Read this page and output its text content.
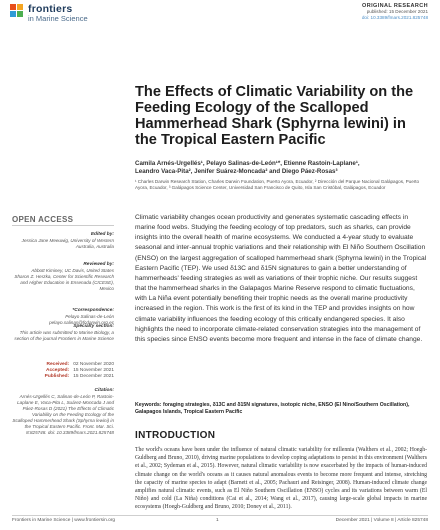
frontiers
in Marine Science
ORIGINAL RESEARCH
published: 15 December 2021
doi: 10.3389/fmars.2021.825748
The Effects of Climatic Variability on the Feeding Ecology of the Scalloped Hammerhead Shark (Sphyrna lewini) in the Tropical Eastern Pacific
Camila Arnés-Urgellés¹, Pelayo Salinas-de-León¹*, Etienne Rastoin-Laplane¹,
Leandro Vaca-Pita², Jenifer Suárez-Moncada² and Diego Páez-Rosas³
¹ Charles Darwin Research Station, Charles Darwin Foundation, Puerto Ayora, Ecuador, ² Dirección del Parque Nacional Galápagos, Puerto Ayora, Ecuador, ³ Galápagos Science Center, Universidad San Francisco de Quito, Isla San Cristóbal, Galápagos, Ecuador
OPEN ACCESS
Edited by:
Jessica Jane Meeuwig, University of Western Australia, Australia
Reviewed by:
Abbott Kiminey, UC Davis, United States
Sharon Z. Herzka, Center for Scientific Research and Higher Education in Ensenada (CICESE), Mexico
*Correspondence:
Pelayo Salinas-de-León pelayo.salinas@fcdarwin.org.ec
Specialty section:
This article was submitted to Marine Biology, a section of the journal Frontiers in Marine Science
Received: 02 November 2020
Accepted: 15 November 2021
Published: 15 December 2021
Citation:
Arnés-Urgellés C, Salinas-de-León P, Rastoin-Laplane E, Vaca-Pita L, Suárez-Moncada J and Páez-Rosas D (2021) The Effects of Climatic Variability on the Feeding Ecology of the Scalloped Hammerhead Shark (Sphyrna lewini) in the Tropical Eastern Pacific. Front. Mar. Sci. 8:825748. doi: 10.3389/fmars.2021.825748
Climatic variability changes ocean productivity and generates systematic cascading effects in marine food webs. Studying the feeding ecology of top predators, such as sharks, can provide insights into the overall health of marine ecosystems. We conducted a 4-year study to evaluate seasonal and inter-annual trophic variations and their relationship with El Niño Southern Oscillation (ENSO) on the largest aggregation of scalloped hammerhead shark (Sphyrna lewini) in the Tropical Eastern Pacific (TEP). We used δ13C and δ15N signatures to gain a better understanding of hammerheads' feeding strategies as well as variations of their trophic niche. Our results suggest that the hammerhead sharks in the Galapagos Marine Reserve respond to climatic fluctuations, with La Niña event potentially benefiting their trophic needs as the overall marine productivity increased in the region. This work is the first of its kind in the TEP and provides insights on how climate variability influences the feeding ecology of this critically endangered species. It also highlights the need to incorporate climate-related conservation strategies into the management of this species since ENSO events become more frequent and intense in the face of climate change.
Keywords: foraging strategies, δ13C and δ15N signatures, isotopic niche, ENSO (El Nino/Southern Oscillation), Galapagos Islands, Tropical Eastern Pacific
INTRODUCTION
The world's oceans have been under the influence of natural climatic variability for millennia (Walthers et al., 2002; Hoegh-Guldberg and Bruno, 2010), driving marine populations to develop coping adaptations to persist in this environment (Walthers et al., 2002; Sydeman et al., 2015). However, natural climatic variability is now exacerbated by the impacts of human-induced climate change on the world's oceans as it causes natural anomalous events to become more frequent and intense, stretching the capacity of marine species to adapt (Barnett et al., 2005; Pachauri and Reisinger, 2008). Human-induced climate change amplifies natural climatic events, such as El Niño Southern Oscillation (ENSO) cycles and its variations between warm (El Niño) and cold (La Niña) conditions (Cai et al., 2014; Wang et al., 2017), causing large-scale global impacts in marine ecosystems (Hoegh-Guldberg and Bruno, 2010; Doney et al., 2011).
Frontiers in Marine Science | www.frontiersin.org	1	December 2021 | Volume 8 | Article 825748
